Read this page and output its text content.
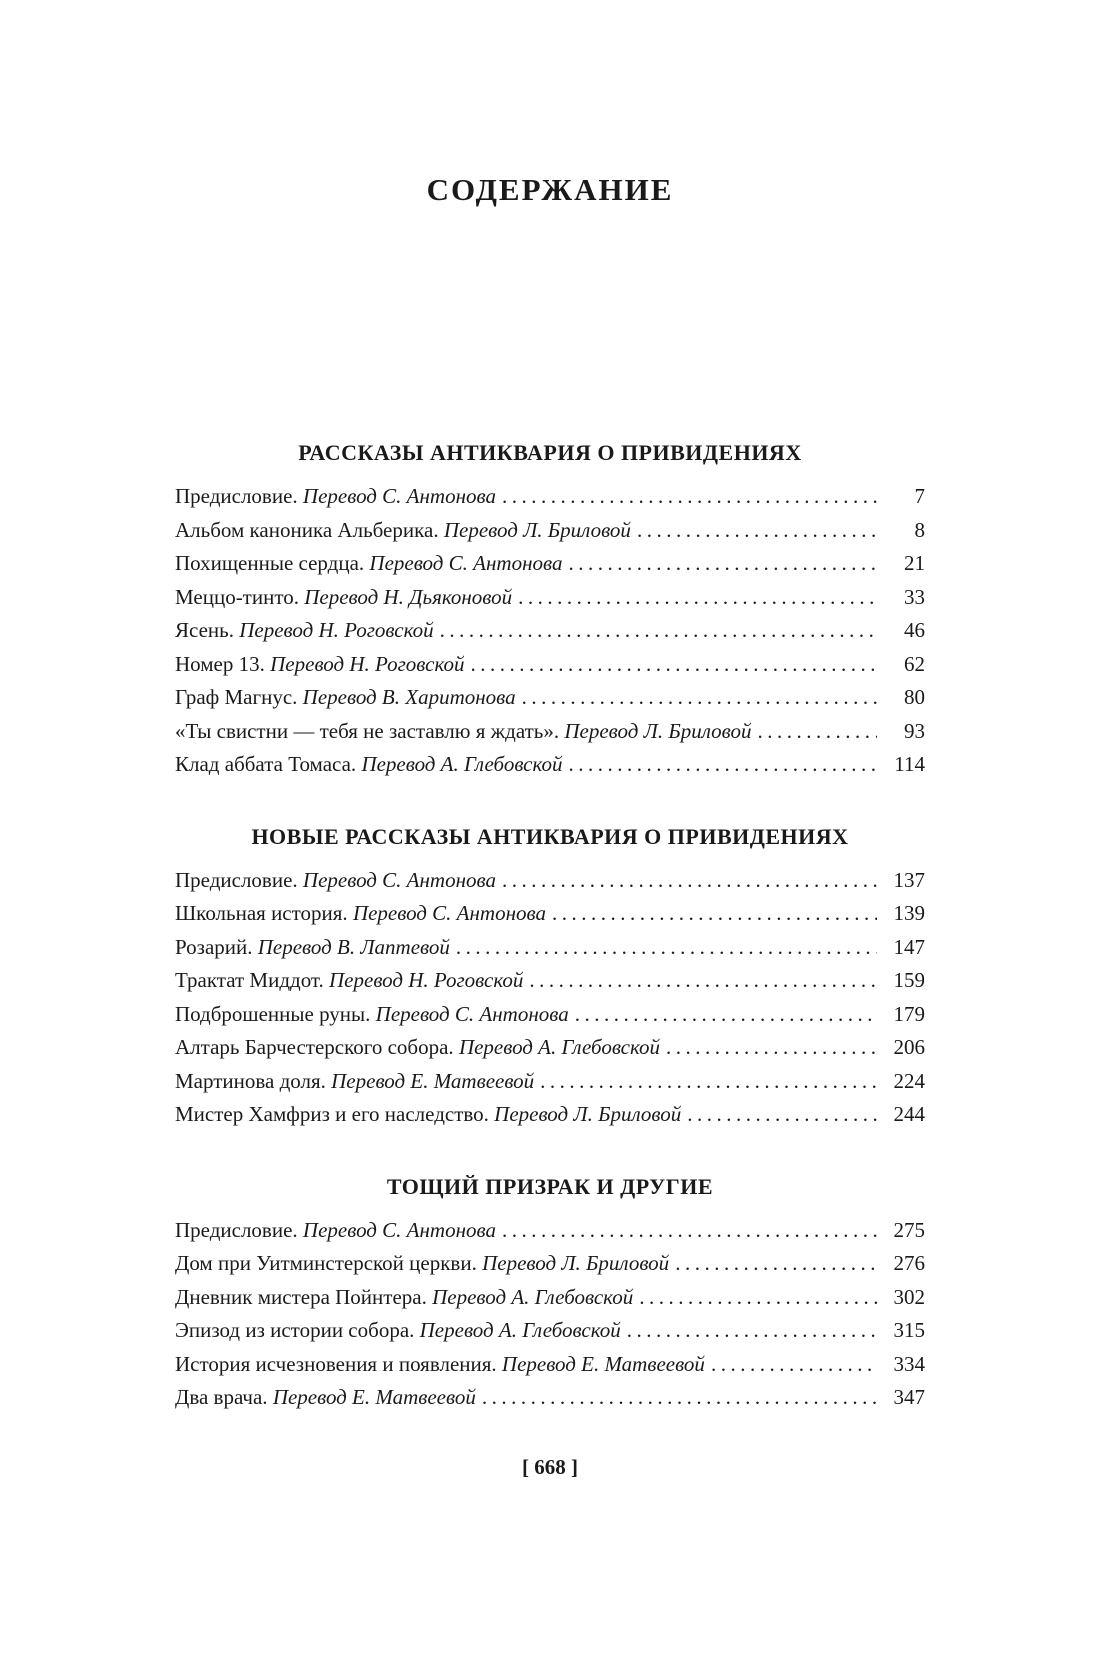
СОДЕРЖАНИЕ
РАССКАЗЫ АНТИКВАРИЯ О ПРИВИДЕНИЯХ
Предисловие. Перевод С. Антонова .....	7
Альбом каноника Альберика. Перевод Л. Бриловой .....	8
Похищенные сердца. Перевод С. Антонова .....	21
Меццо-тинто. Перевод Н. Дьяконовой .....	33
Ясень. Перевод Н. Роговской .....	46
Номер 13. Перевод Н. Роговской .....	62
Граф Магнус. Перевод В. Харитонова .....	80
«Ты свистни — тебя не заставлю я ждать». Перевод Л. Бриловой .....	93
Клад аббата Томаса. Перевод А. Глебовской .....	114
НОВЫЕ РАССКАЗЫ АНТИКВАРИЯ О ПРИВИДЕНИЯХ
Предисловие. Перевод С. Антонова .....	137
Школьная история. Перевод С. Антонова .....	139
Розарий. Перевод В. Лаптевой .....	147
Трактат Миддот. Перевод Н. Роговской .....	159
Подброшенные руны. Перевод С. Антонова .....	179
Алтарь Барчестерского собора. Перевод А. Глебовской .....	206
Мартинова доля. Перевод Е. Матвеевой .....	224
Мистер Хамфриз и его наследство. Перевод Л. Бриловой .....	244
ТОЩИЙ ПРИЗРАК И ДРУГИЕ
Предисловие. Перевод С. Антонова .....	275
Дом при Уитминстерской церкви. Перевод Л. Бриловой .....	276
Дневник мистера Пойнтера. Перевод А. Глебовской .....	302
Эпизод из истории собора. Перевод А. Глебовской .....	315
История исчезновения и появления. Перевод Е. Матвеевой .....	334
Два врача. Перевод Е. Матвеевой .....	347
[ 668 ]
